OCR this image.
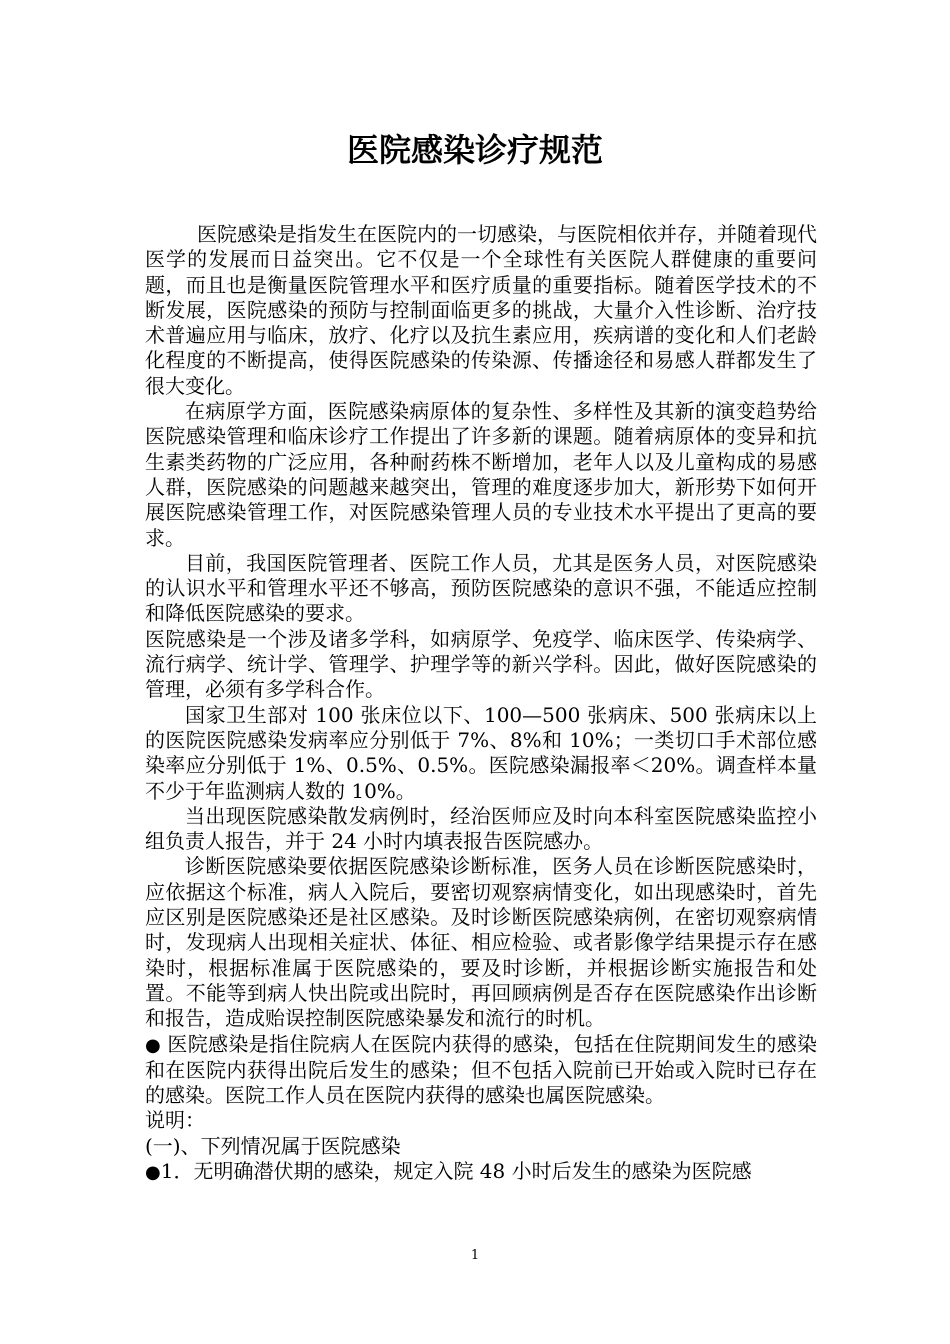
医院感染诊疗规范

医院感染是指发生在医院内的一切感染，与医院相依并存，并随着现代医学的发展而日益突出。它不仅是一个全球性有关医院人群健康的重要问题，而且也是衡量医院管理水平和医疗质量的重要指标。随着医学技术的不断发展，医院感染的预防与控制面临更多的挑战，大量介入性诊断、治疗技术普遍应用与临床，放疗、化疗以及抗生素应用，疾病谱的变化和人们老龄化程度的不断提高，使得医院感染的传染源、传播途径和易感人群都发生了很大变化。

在病原学方面，医院感染病原体的复杂性、多样性及其新的演变趋势给医院感染管理和临床诊疗工作提出了许多新的课题。随着病原体的变异和抗生素类药物的广泛应用，各种耐药株不断增加，老年人以及儿童构成的易感人群，医院感染的问题越来越突出，管理的难度逐步加大，新形势下如何开展医院感染管理工作，对医院感染管理人员的专业技术水平提出了更高的要求。

目前，我国医院管理者、医院工作人员，尤其是医务人员，对医院感染的认识水平和管理水平还不够高，预防医院感染的意识不强，不能适应控制和降低医院感染的要求。

医院感染是一个涉及诸多学科，如病原学、免疫学、临床医学、传染病学、流行病学、统计学、管理学、护理学等的新兴学科。因此，做好医院感染的管理，必须有多学科合作。

国家卫生部对 100 张床位以下、100—500 张病床、500 张病床以上的医院医院感染发病率应分别低于 7%、8%和 10%；一类切口手术部位感染率应分别低于 1%、0.5%、0.5%。医院感染漏报率＜20%。调查样本量不少于年监测病人数的 10%。

当出现医院感染散发病例时，经治医师应及时向本科室医院感染监控小组负责人报告，并于 24 小时内填表报告医院感办。

诊断医院感染要依据医院感染诊断标准，医务人员在诊断医院感染时，应依据这个标准，病人入院后，要密切观察病情变化，如出现感染时，首先应区别是医院感染还是社区感染。及时诊断医院感染病例，在密切观察病情时，发现病人出现相关症状、体征、相应检验、或者影像学结果提示存在感染时，根据标准属于医院感染的，要及时诊断，并根据诊断实施报告和处置。不能等到病人快出院或出院时，再回顾病例是否存在医院感染作出诊断和报告，造成贻误控制医院感染暴发和流行的时机。

● 医院感染是指住院病人在医院内获得的感染，包括在住院期间发生的感染和在医院内获得出院后发生的感染；但不包括入院前已开始或入院时已存在的感染。医院工作人员在医院内获得的感染也属医院感染。

说明：

(一)、下列情况属于医院感染

●1．无明确潜伏期的感染，规定入院 48 小时后发生的感染为医院感

1
